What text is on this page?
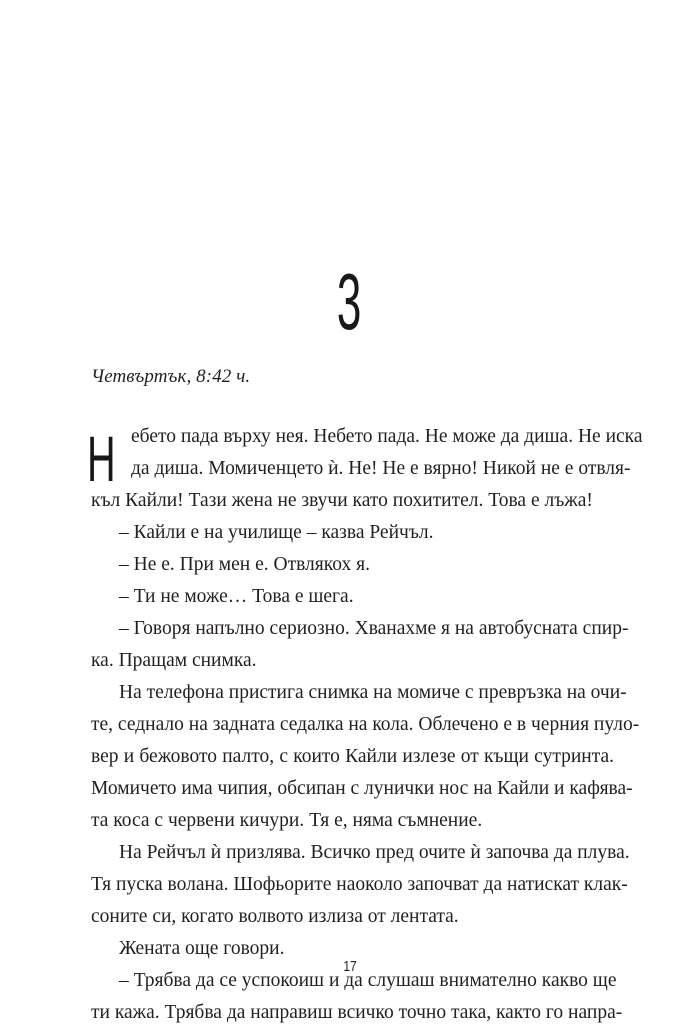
3
Четвъртък, 8:42 ч.
Н ебето пада върху нея. Небето пада. Не може да диша. Не иска
да диша. Момиченцето ѝ. Не! Не е вярно! Никой не е отвля-
къл Кайли! Тази жена не звучи като похитител. Това е лъжа!
– Кайли е на училище – казва Рейчъл.
– Не е. При мен е. Отвлякох я.
– Ти не може… Това е шега.
– Говоря напълно сериозно. Хванахме я на автобусната спир-
ка. Пращам снимка.
На телефона пристига снимка на момиче с превръзка на очи-
те, седнало на задната седалка на кола. Облечено е в черния пуло-
вер и бежовото палто, с които Кайли излезе от къщи сутринта.
Момичето има чипия, обсипан с лунички нос на Кайли и кафява-
та коса с червени кичури. Тя е, няма съмнение.
На Рейчъл ѝ призлява. Всичко пред очите ѝ започва да плува.
Тя пуска волана. Шофьорите наоколо започват да натискат клак-
соните си, когато волвото излиза от лентата.
Жената още говори.
– Трябва да се успокоиш и да слушаш внимателно какво ще
ти кажа. Трябва да направиш всичко точно така, както го напра-
17
